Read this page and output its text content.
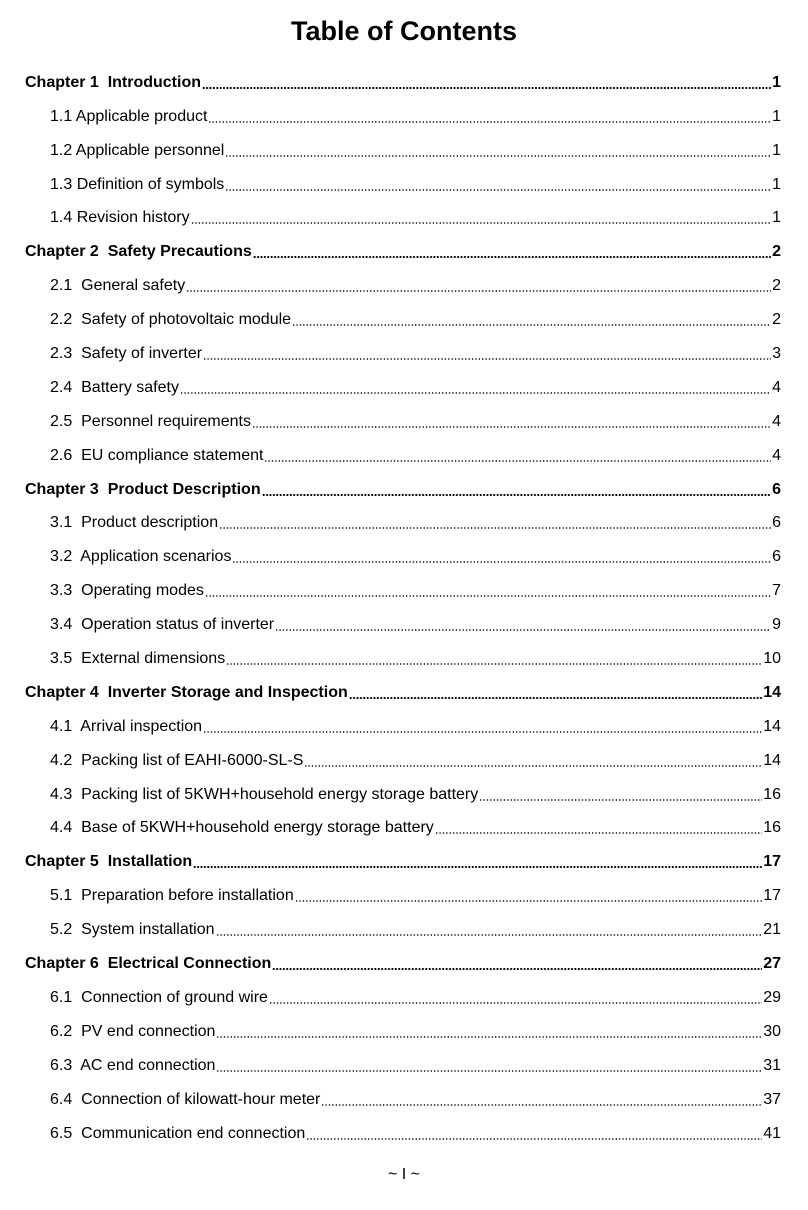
Table of Contents
Chapter 1  Introduction	1
1.1 Applicable product	1
1.2 Applicable personnel	1
1.3 Definition of symbols	1
1.4 Revision history	1
Chapter 2  Safety Precautions	2
2.1  General safety	2
2.2  Safety of photovoltaic module	2
2.3  Safety of inverter	3
2.4  Battery safety	4
2.5  Personnel requirements	4
2.6  EU compliance statement	4
Chapter 3  Product Description	6
3.1  Product description	6
3.2  Application scenarios	6
3.3  Operating modes	7
3.4  Operation status of inverter	9
3.5  External dimensions	10
Chapter 4  Inverter Storage and Inspection	14
4.1  Arrival inspection	14
4.2  Packing list of EAHI-6000-SL-S	14
4.3  Packing list of 5KWH+household energy storage battery	16
4.4  Base of 5KWH+household energy storage battery	16
Chapter 5  Installation	17
5.1  Preparation before installation	17
5.2  System installation	21
Chapter 6  Electrical Connection	27
6.1  Connection of ground wire	29
6.2  PV end connection	30
6.3  AC end connection	31
6.4  Connection of kilowatt-hour meter	37
6.5  Communication end connection	41
~ I ~
